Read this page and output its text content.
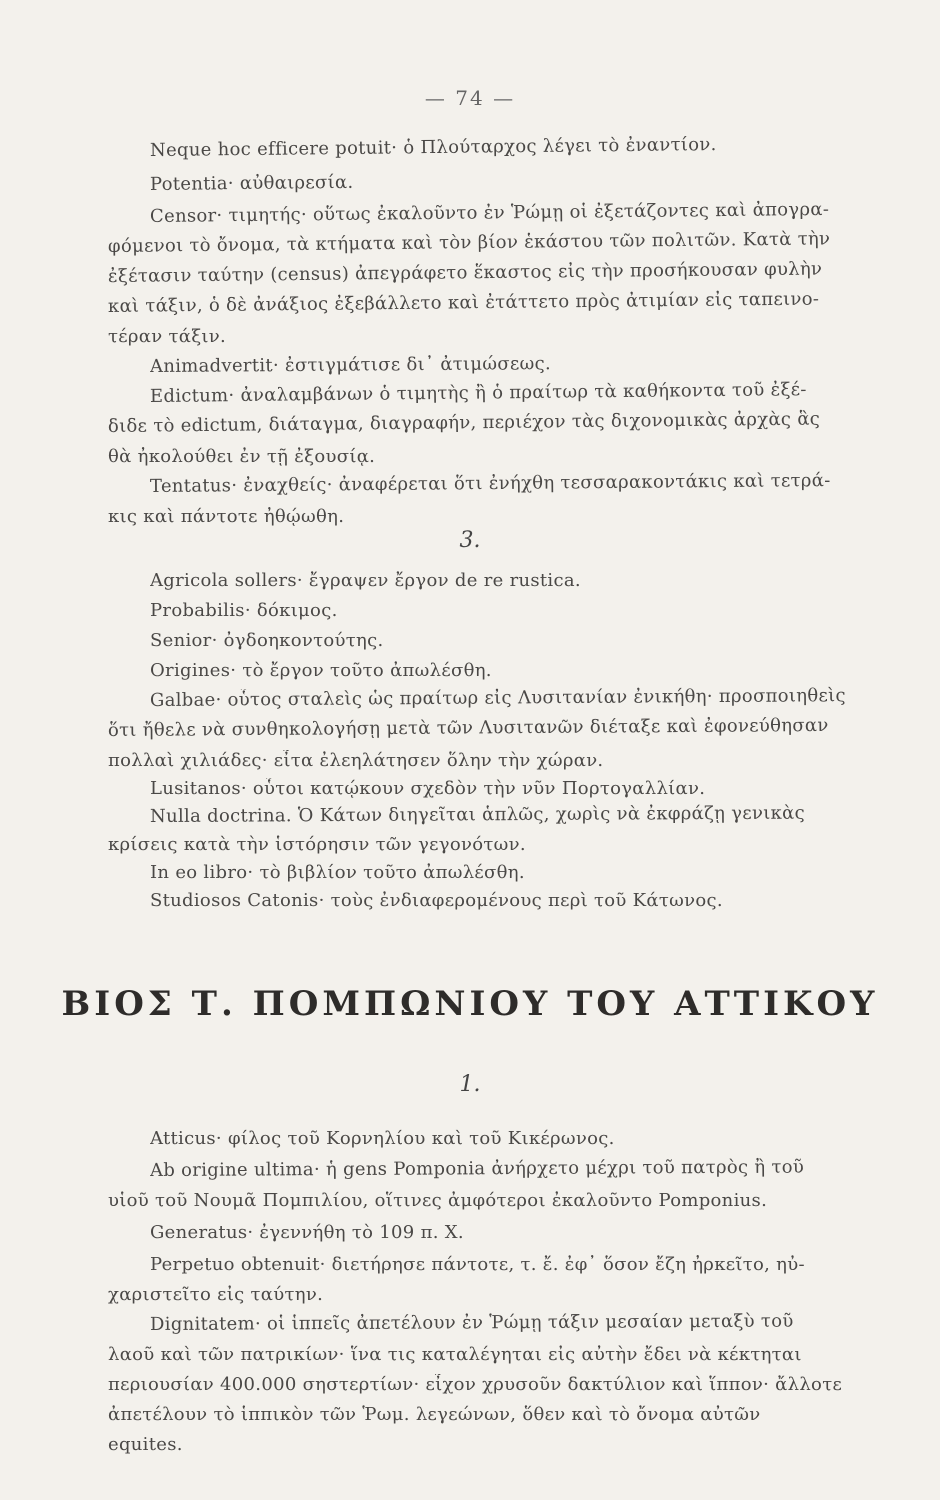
— 74 —
Neque hoc efficere potuit· ὁ Πλούταρχος λέγει τὸ ἐναντίον.
Potentia· αὐθαιρεσία.
Censor· τιμητής· οὕτως ἐκαλοῦντο ἐν Ῥώμῃ οἱ ἐξετάζοντες καὶ ἀπογρα-
φόμενοι τὸ ὄνομα, τὰ κτήματα καὶ τὸν βίον ἑκάστου τῶν πολιτῶν. Κατὰ τὴν
ἐξέτασιν ταύτην (census) ἀπεγράφετο ἕκαστος εἰς τὴν προσήκουσαν φυλὴν
καὶ τάξιν, ὁ δὲ ἀνάξιος ἐξεβάλλετο καὶ ἐτάττετο πρὸς ἀτιμίαν εἰς ταπεινο-
τέραν τάξιν.
Animadvertit· ἐστιγμάτισε δι᾽ ἀτιμώσεως.
Edictum· ἀναλαμβάνων ὁ τιμητὴς ἢ ὁ πραίτωρ τὰ καθήκοντα τοῦ ἐξέ-
διδε τὸ edictum, διάταγμα, διαγραφήν, περιέχον τὰς διχονομικὰς ἀρχὰς ἃς
θὰ ἠκολούθει ἐν τῇ ἐξουσίᾳ.
Tentatus· ἐναχθείς· ἀναφέρεται ὅτι ἐνήχθη τεσσαρακοντάκις καὶ τετρά-
κις καὶ πάντοτε ἠθῴωθη.
3.
Agricola sollers· ἔγραψεν ἔργον de re rustica.
Probabilis· δόκιμος.
Senior· ὀγδοηκοντούτης.
Origines· τὸ ἔργον τοῦτο ἀπωλέσθη.
Galbae· οὗτος σταλεὶς ὡς πραίτωρ εἰς Λυσιτανίαν ἐνικήθη· προσποιηθεὶς
ὅτι ἤθελε νὰ συνθηκολογήσῃ μετὰ τῶν Λυσιτανῶν διέταξε καὶ ἐφονεύθησαν
πολλαὶ χιλιάδες· εἶτα ἐλεηλάτησεν ὅλην τὴν χώραν.
Lusitanos· οὗτοι κατῴκουν σχεδὸν τὴν νῦν Πορτογαλλίαν.
Nulla doctrina. Ὁ Κάτων διηγεῖται ἁπλῶς, χωρὶς νὰ ἐκφράζῃ γενικὰς
κρίσεις κατὰ τὴν ἱστόρησιν τῶν γεγονότων.
In eo libro· τὸ βιβλίον τοῦτο ἀπωλέσθη.
Studiosos Catonis· τοὺς ἐνδιαφερομένους περὶ τοῦ Κάτωνος.
ΒΙΟΣ Τ. ΠΟΜΠΩΝΙΟΥ ΤΟΥ ΑΤΤΙΚΟΥ
1.
Atticus· φίλος τοῦ Κορνηλίου καὶ τοῦ Κικέρωνος.
Ab origine ultima· ἡ gens Pomponia ἀνήρχετο μέχρι τοῦ πατρὸς ἢ τοῦ
υἱοῦ τοῦ Νουμᾶ Πομπιλίου, οἵτινες ἀμφότεροι ἐκαλοῦντο Pomponius.
Generatus· ἐγεννήθη τὸ 109 π. Χ.
Perpetuo obtenuit· διετήρησε πάντοτε, τ. ἔ. ἐφ᾽ ὅσον ἔζη ἠρκεῖτο, ηὐ-
χαριστεῖτο εἰς ταύτην.
Dignitatem· οἱ ἱππεῖς ἀπετέλουν ἐν Ῥώμῃ τάξιν μεσαίαν μεταξὺ τοῦ
λαοῦ καὶ τῶν πατρικίων· ἵνα τις καταλέγηται εἰς αὐτὴν ἔδει νὰ κέκτηται
περιουσίαν 400.000 σηστερτίων· εἶχον χρυσοῦν δακτύλιον καὶ ἵππον· ἄλλοτε
ἀπετέλουν τὸ ἱππικὸν τῶν Ῥωμ. λεγεώνων, ὅθεν καὶ τὸ ὄνομα αὐτῶν
equites.
